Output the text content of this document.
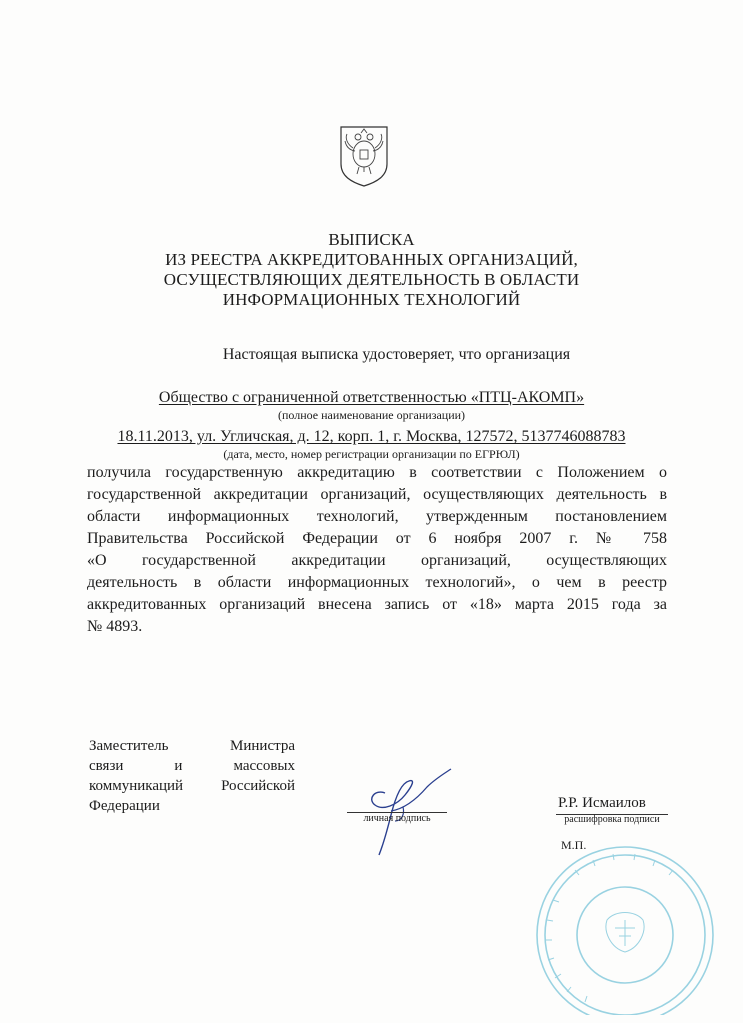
ВЫПИСКА
ИЗ РЕЕСТРА АККРЕДИТОВАННЫХ ОРГАНИЗАЦИЙ,
ОСУЩЕСТВЛЯЮЩИХ ДЕЯТЕЛЬНОСТЬ В ОБЛАСТИ
ИНФОРМАЦИОННЫХ ТЕХНОЛОГИЙ
Настоящая выписка удостоверяет, что организация
Общество с ограниченной ответственностью «ПТЦ-АКОМП»
(полное наименование организации)
18.11.2013, ул. Угличская, д. 12, корп. 1, г. Москва, 127572, 5137746088783
(дата, место, номер регистрации организации по ЕГРЮЛ)
получила государственную аккредитацию в соответствии с Положением о
государственной аккредитации организаций, осуществляющих деятельность в
области информационных технологий, утвержденным постановлением
Правительства Российской Федерации от 6 ноября 2007 г. № 758
«О государственной аккредитации организаций, осуществляющих
деятельность в области информационных технологий», о чем в реестр
аккредитованных организаций внесена запись от «18» марта 2015 года за
№ 4893.
Заместитель Министра
связи и массовых
коммуникаций Российской
Федерации
личная подпись
Р.Р. Исмаилов
расшифровка подписи
М.П.
